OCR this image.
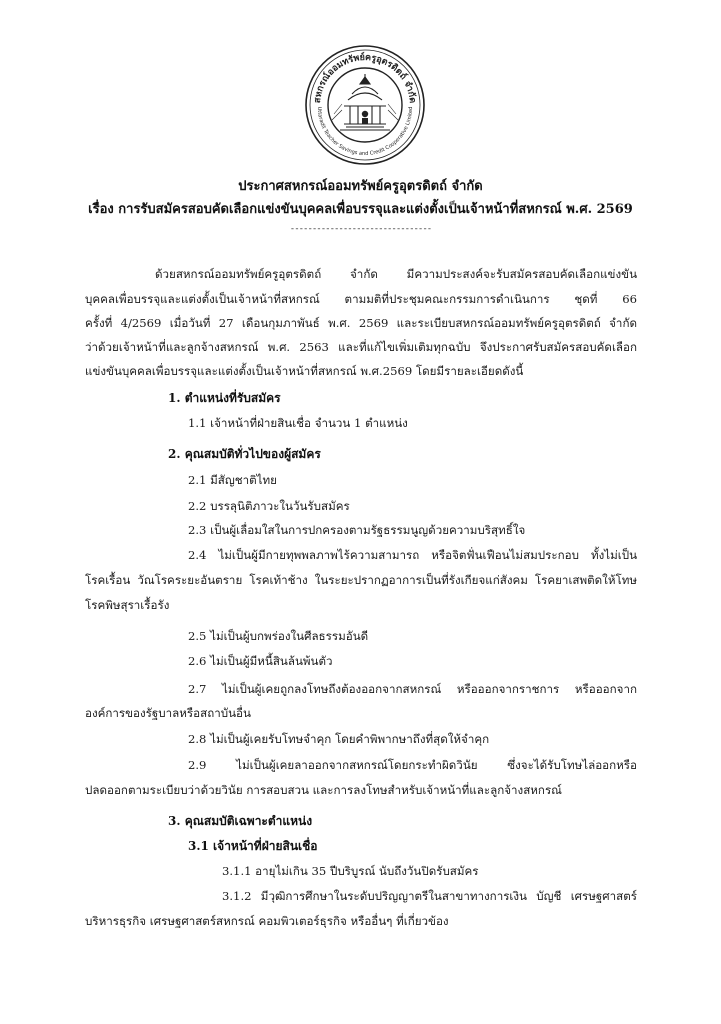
สหกรณ์ออมทรัพย์ครูอุตรดิตถ์ จำกัด
Uttaradit Teacher Savings and Credit Cooperative Limited
ประกาศสหกรณ์ออมทรัพย์ครูอุตรดิตถ์ จำกัด
เรื่อง การรับสมัครสอบคัดเลือกแข่งขันบุคคลเพื่อบรรจุและแต่งตั้งเป็นเจ้าหน้าที่สหกรณ์ พ.ศ. 2569
--------------------------------
ด้วยสหกรณ์ออมทรัพย์ครูอุตรดิตถ์ จำกัด มีความประสงค์จะรับสมัครสอบคัดเลือกแข่งขัน
บุคคลเพื่อบรรจุและแต่งตั้งเป็นเจ้าหน้าที่สหกรณ์ ตามมติที่ประชุมคณะกรรมการดำเนินการ ชุดที่ 66
ครั้งที่ 4/2569 เมื่อวันที่ 27 เดือนกุมภาพันธ์ พ.ศ. 2569 และระเบียบสหกรณ์ออมทรัพย์ครูอุตรดิตถ์ จำกัด
ว่าด้วยเจ้าหน้าที่และลูกจ้างสหกรณ์ พ.ศ. 2563 และที่แก้ไขเพิ่มเติมทุกฉบับ จึงประกาศรับสมัครสอบคัดเลือก
แข่งขันบุคคลเพื่อบรรจุและแต่งตั้งเป็นเจ้าหน้าที่สหกรณ์ พ.ศ.2569 โดยมีรายละเอียดดังนี้
1. ตำแหน่งที่รับสมัคร
1.1 เจ้าหน้าที่ฝ่ายสินเชื่อ จำนวน 1 ตำแหน่ง
2. คุณสมบัติทั่วไปของผู้สมัคร
2.1 มีสัญชาติไทย
2.2 บรรลุนิติภาวะในวันรับสมัคร
2.3 เป็นผู้เลื่อมใสในการปกครองตามรัฐธรรมนูญด้วยความบริสุทธิ์ใจ
2.4 ไม่เป็นผู้มีกายทุพพลภาพไร้ความสามารถ หรือจิตฟั่นเฟือนไม่สมประกอบ ทั้งไม่เป็น
โรคเรื้อน วัณโรคระยะอันตราย โรคเท้าช้าง ในระยะปรากฏอาการเป็นที่รังเกียจแก่สังคม โรคยาเสพติดให้โทษ
โรคพิษสุราเรื้อรัง
2.5 ไม่เป็นผู้บกพร่องในศีลธรรมอันดี
2.6 ไม่เป็นผู้มีหนี้สินล้นพ้นตัว
2.7 ไม่เป็นผู้เคยถูกลงโทษถึงต้องออกจากสหกรณ์ หรือออกจากราชการ หรือออกจาก
องค์การของรัฐบาลหรือสถาบันอื่น
2.8 ไม่เป็นผู้เคยรับโทษจำคุก โดยคำพิพากษาถึงที่สุดให้จำคุก
2.9 ไม่เป็นผู้เคยลาออกจากสหกรณ์โดยกระทำผิดวินัย ซึ่งจะได้รับโทษไล่ออกหรือ
ปลดออกตามระเบียบว่าด้วยวินัย การสอบสวน และการลงโทษสำหรับเจ้าหน้าที่และลูกจ้างสหกรณ์
3. คุณสมบัติเฉพาะตำแหน่ง
3.1 เจ้าหน้าที่ฝ่ายสินเชื่อ
3.1.1 อายุไม่เกิน 35 ปีบริบูรณ์ นับถึงวันปิดรับสมัคร
3.1.2 มีวุฒิการศึกษาในระดับปริญญาตรีในสาขาทางการเงิน บัญชี เศรษฐศาสตร์
บริหารธุรกิจ เศรษฐศาสตร์สหกรณ์ คอมพิวเตอร์ธุรกิจ หรืออื่นๆ ที่เกี่ยวข้อง
